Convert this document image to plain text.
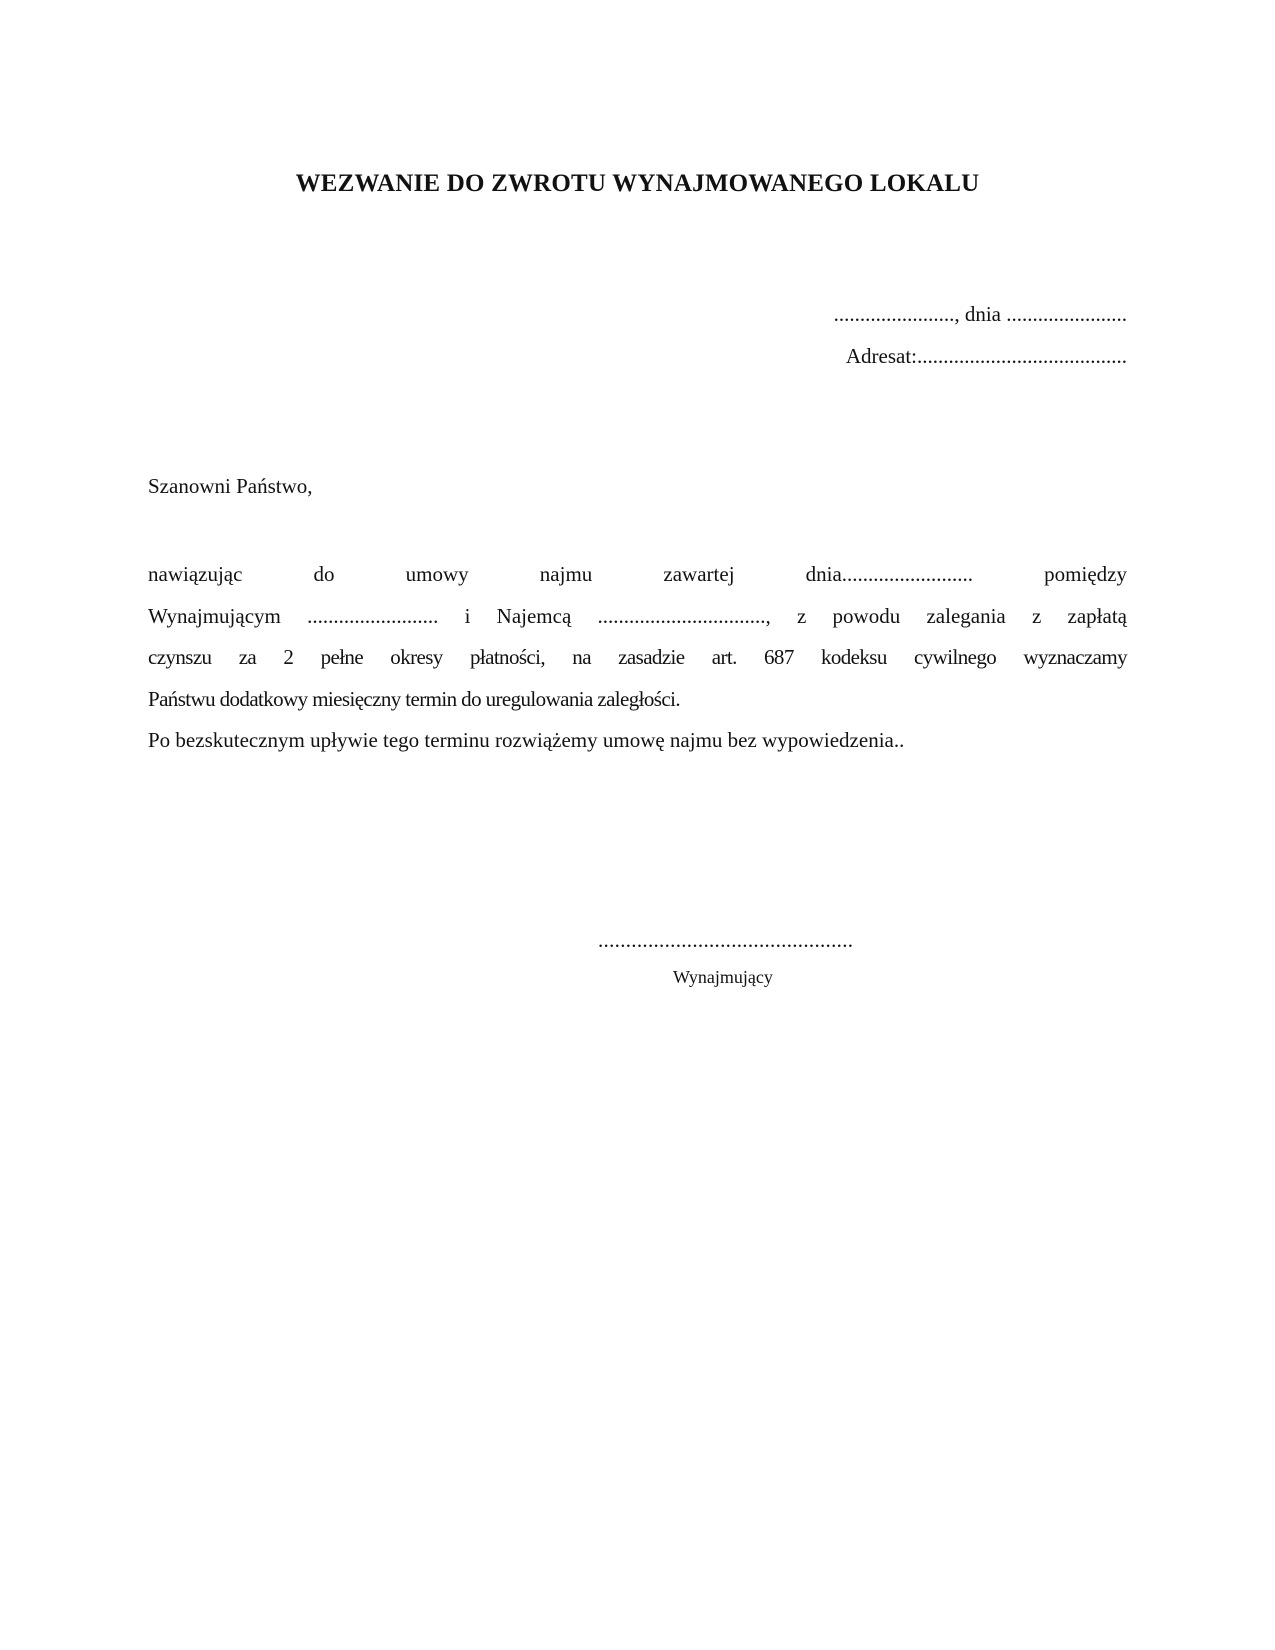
WEZWANIE DO ZWROTU WYNAJMOWANEGO LOKALU
......................., dnia .......................
Adresat:........................................
Szanowni Państwo,
nawiązując do umowy najmu zawartej dnia......................... pomiędzy
Wynajmującym ......................... i Najemcą ................................, z powodu zalegania z zapłatą
czynszu za 2 pełne okresy płatności, na zasadzie art. 687 kodeksu cywilnego wyznaczamy
Państwu dodatkowy miesięczny termin do uregulowania zaległości.
Po bezskutecznym upływie tego terminu rozwiążemy umowę najmu bez wypowiedzenia..
..............................................
Wynajmujący
